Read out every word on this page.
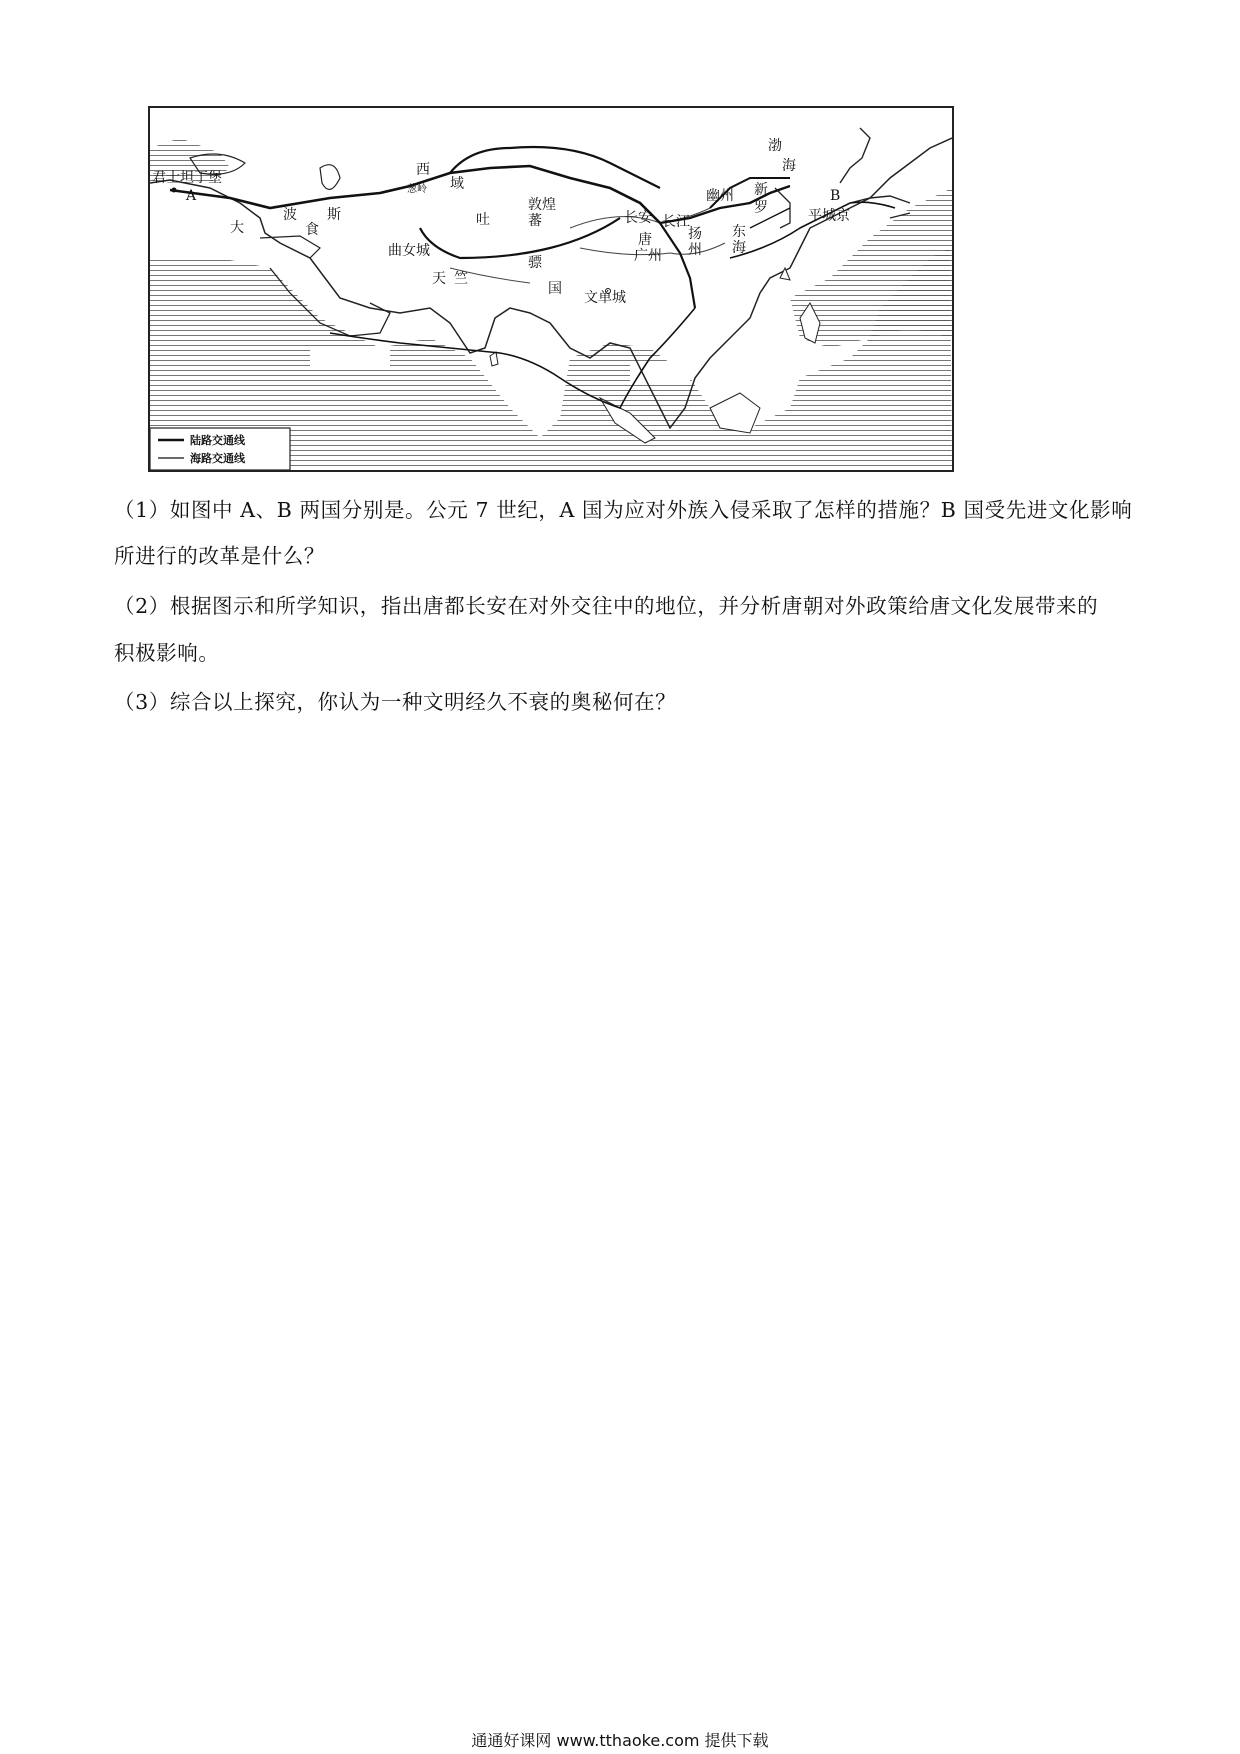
君士坦丁堡
A
大
波 斯
食
西
域
葱岭
敦煌
吐	蕃
曲女城
天 竺
骠
国
文单城
长安
唐
广州
长江
扬
州
幽州
渤
海
新
罗
东
海
B
平城京
陆路交通线
海路交通线
（1）如图中 A、B 两国分别是。公元 7 世纪，A 国为应对外族入侵采取了怎样的措施？B 国受先进文化影响
所进行的改革是什么？
（2）根据图示和所学知识，指出唐都长安在对外交往中的地位，并分析唐朝对外政策给唐文化发展带来的
积极影响。
（3）综合以上探究，你认为一种文明经久不衰的奥秘何在？
通通好课网 www.tthaoke.com 提供下载
